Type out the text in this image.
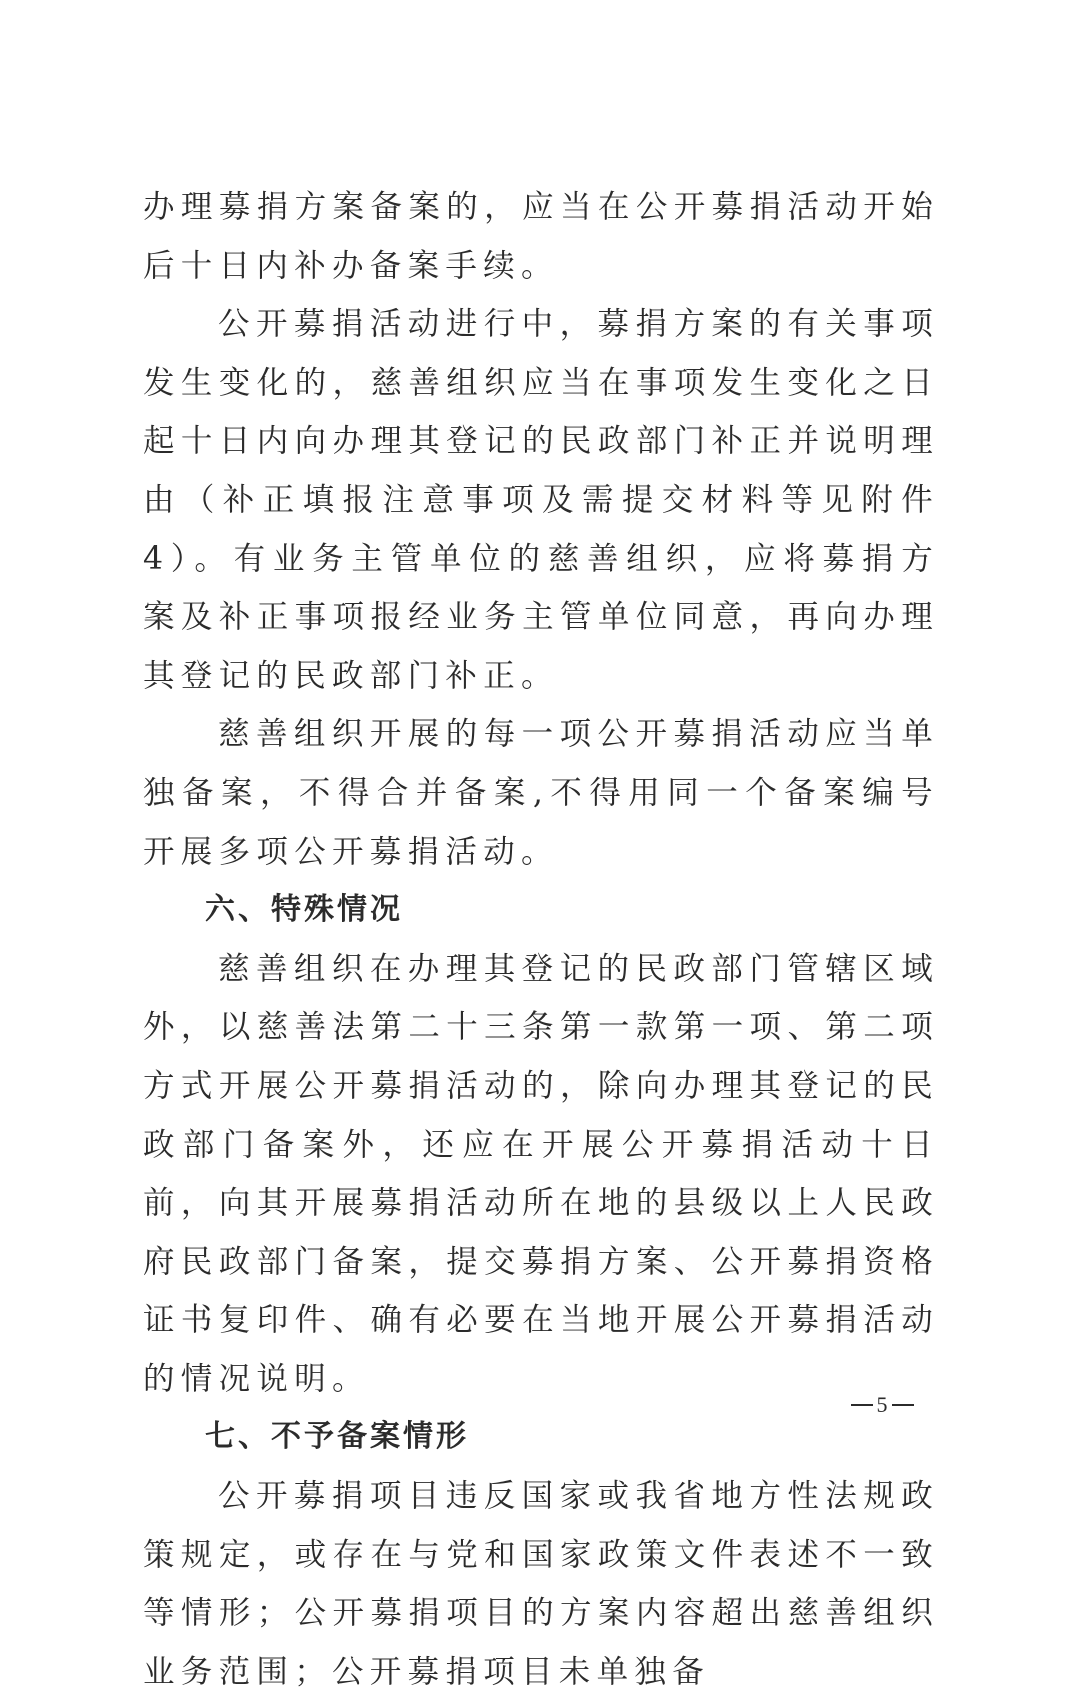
办理募捐方案备案的，应当在公开募捐活动开始后十日内补办备案手续。

公开募捐活动进行中，募捐方案的有关事项发生变化的，慈善组织应当在事项发生变化之日起十日内向办理其登记的民政部门补正并说明理由（补正填报注意事项及需提交材料等见附件4）。有业务主管单位的慈善组织，应将募捐方案及补正事项报经业务主管单位同意，再向办理其登记的民政部门补正。

慈善组织开展的每一项公开募捐活动应当单独备案，不得合并备案,不得用同一个备案编号开展多项公开募捐活动。

六、特殊情况

慈善组织在办理其登记的民政部门管辖区域外，以慈善法第二十三条第一款第一项、第二项方式开展公开募捐活动的，除向办理其登记的民政部门备案外，还应在开展公开募捐活动十日前，向其开展募捐活动所在地的县级以上人民政府民政部门备案，提交募捐方案、公开募捐资格证书复印件、确有必要在当地开展公开募捐活动的情况说明。

七、不予备案情形

公开募捐项目违反国家或我省地方性法规政策规定，或存在与党和国家政策文件表述不一致等情形；公开募捐项目的方案内容超出慈善组织业务范围；公开募捐项目未单独备

5
